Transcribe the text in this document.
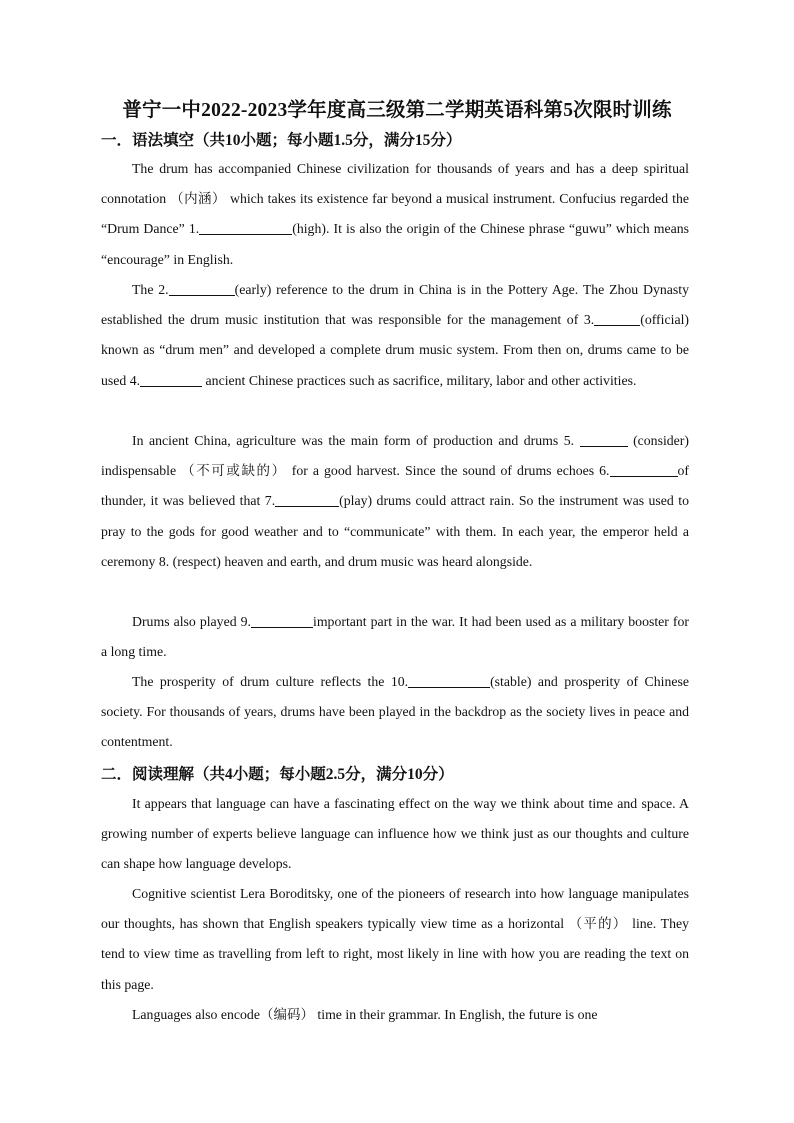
普宁一中2022-2023学年度高三级第二学期英语科第5次限时训练
一．语法填空（共10小题；每小题1.5分，满分15分）

The drum has accompanied Chinese civilization for thousands of years and has a deep spiritual connotation （内涵） which takes its existence far beyond a musical instrument. Confucius regarded the “Drum Dance” 1.	(high). It is also the origin of the Chinese phrase “guwu” which means “encourage” in English.

The 2.	(early) reference to the drum in China is in the Pottery Age. The Zhou Dynasty established the drum music institution that was responsible for the management of 3.	(official) known as “drum men” and developed a complete drum music system. From then on, drums came to be used 4.	ancient Chinese practices such as sacrifice, military, labor and other activities.

In ancient China, agriculture was the main form of production and drums 5.	(consider) indispensable （不可或缺的） for a good harvest. Since the sound of drums echoes 6.	of thunder, it was believed that 7.	(play) drums could attract rain. So the instrument was used to pray to the gods for good weather and to “communicate” with them. In each year, the emperor held a ceremony 8. (respect) heaven and earth, and drum music was heard alongside.

Drums also played 9.	important part in the war. It had been used as a military booster for a long time.

The prosperity of drum culture reflects the 10.	(stable) and prosperity of Chinese society. For thousands of years, drums have been played in the backdrop as the society lives in peace and contentment.

二．阅读理解（共4小题；每小题2.5分，满分10分）

It appears that language can have a fascinating effect on the way we think about time and space. A growing number of experts believe language can influence how we think just as our thoughts and culture can shape how language develops.

Cognitive scientist Lera Boroditsky, one of the pioneers of research into how language manipulates our thoughts, has shown that English speakers typically view time as a horizontal （平的） line. They tend to view time as travelling from left to right, most likely in line with how you are reading the text on this page.

Languages also encode（编码） time in their grammar. In English, the future is one
